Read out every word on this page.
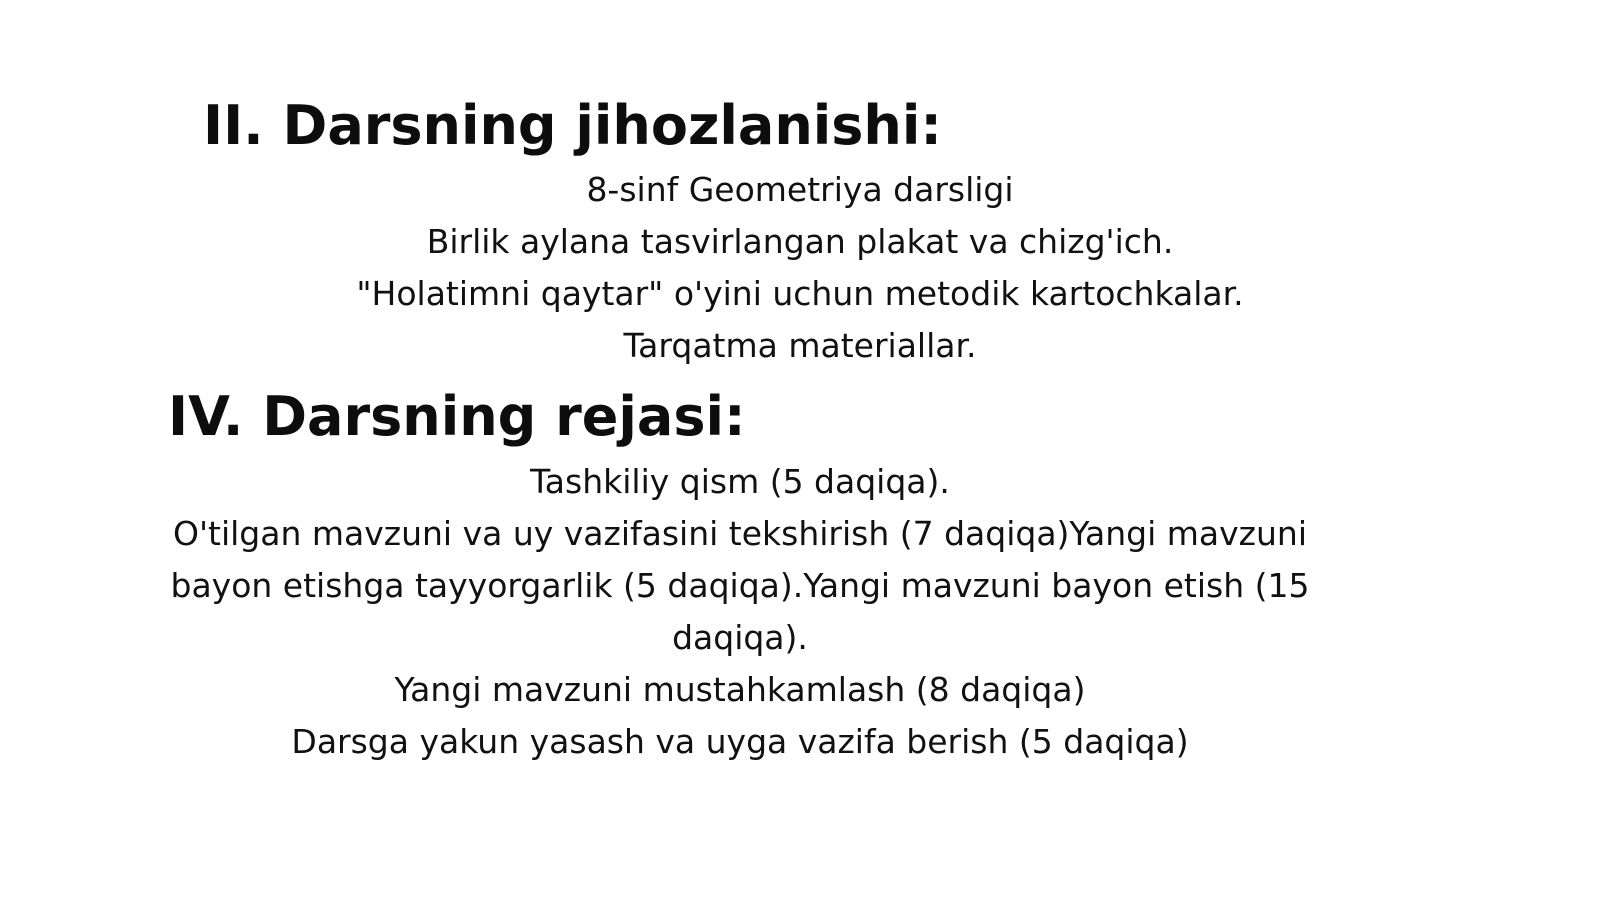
II. Darsning jihozlanishi:

8-sinf Geometriya darsligi

Birlik aylana tasvirlangan plakat va chizg'ich.

"Holatimni qaytar" o'yini uchun metodik kartochkalar.

Tarqatma materiallar.

IV. Darsning rejasi:

Tashkiliy qism (5 daqiqa).

O'tilgan mavzuni va uy vazifasini tekshirish (7 daqiqa)Yangi mavzuni

bayon etishga tayyorgarlik (5 daqiqa).Yangi mavzuni bayon etish (15

daqiqa).

Yangi mavzuni mustahkamlash (8 daqiqa)

Darsga yakun yasash va uyga vazifa berish (5 daqiqa)
